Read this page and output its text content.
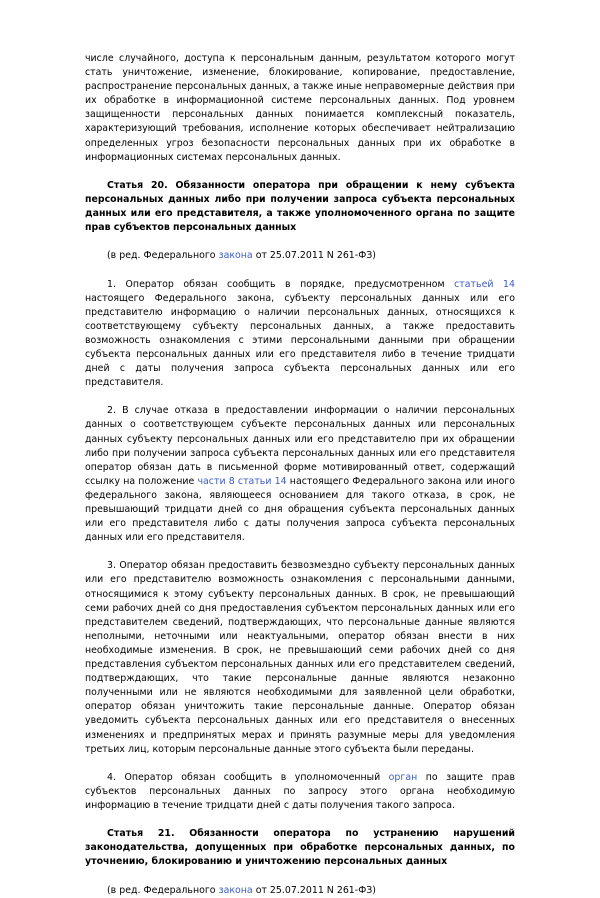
числе случайного, доступа к персональным данным, результатом которого могут стать уничтожение, изменение, блокирование, копирование, предоставление, распространение персональных данных, а также иные неправомерные действия при их обработке в информационной системе персональных данных. Под уровнем защищенности персональных данных понимается комплексный показатель, характеризующий требования, исполнение которых обеспечивает нейтрализацию определенных угроз безопасности персональных данных при их обработке в информационных системах персональных данных.

Статья 20. Обязанности оператора при обращении к нему субъекта персональных данных либо при получении запроса субъекта персональных данных или его представителя, а также уполномоченного органа по защите прав субъектов персональных данных

(в ред. Федерального закона от 25.07.2011 N 261-ФЗ)

1. Оператор обязан сообщить в порядке, предусмотренном статьей 14 настоящего Федерального закона, субъекту персональных данных или его представителю информацию о наличии персональных данных, относящихся к соответствующему субъекту персональных данных, а также предоставить возможность ознакомления с этими персональными данными при обращении субъекта персональных данных или его представителя либо в течение тридцати дней с даты получения запроса субъекта персональных данных или его представителя.

2. В случае отказа в предоставлении информации о наличии персональных данных о соответствующем субъекте персональных данных или персональных данных субъекту персональных данных или его представителю при их обращении либо при получении запроса субъекта персональных данных или его представителя оператор обязан дать в письменной форме мотивированный ответ, содержащий ссылку на положение части 8 статьи 14 настоящего Федерального закона или иного федерального закона, являющееся основанием для такого отказа, в срок, не превышающий тридцати дней со дня обращения субъекта персональных данных или его представителя либо с даты получения запроса субъекта персональных данных или его представителя.

3. Оператор обязан предоставить безвозмездно субъекту персональных данных или его представителю возможность ознакомления с персональными данными, относящимися к этому субъекту персональных данных. В срок, не превышающий семи рабочих дней со дня предоставления субъектом персональных данных или его представителем сведений, подтверждающих, что персональные данные являются неполными, неточными или неактуальными, оператор обязан внести в них необходимые изменения. В срок, не превышающий семи рабочих дней со дня представления субъектом персональных данных или его представителем сведений, подтверждающих, что такие персональные данные являются незаконно полученными или не являются необходимыми для заявленной цели обработки, оператор обязан уничтожить такие персональные данные. Оператор обязан уведомить субъекта персональных данных или его представителя о внесенных изменениях и предпринятых мерах и принять разумные меры для уведомления третьих лиц, которым персональные данные этого субъекта были переданы.

4. Оператор обязан сообщить в уполномоченный орган по защите прав субъектов персональных данных по запросу этого органа необходимую информацию в течение тридцати дней с даты получения такого запроса.

Статья 21. Обязанности оператора по устранению нарушений законодательства, допущенных при обработке персональных данных, по уточнению, блокированию и уничтожению персональных данных

(в ред. Федерального закона от 25.07.2011 N 261-ФЗ)
